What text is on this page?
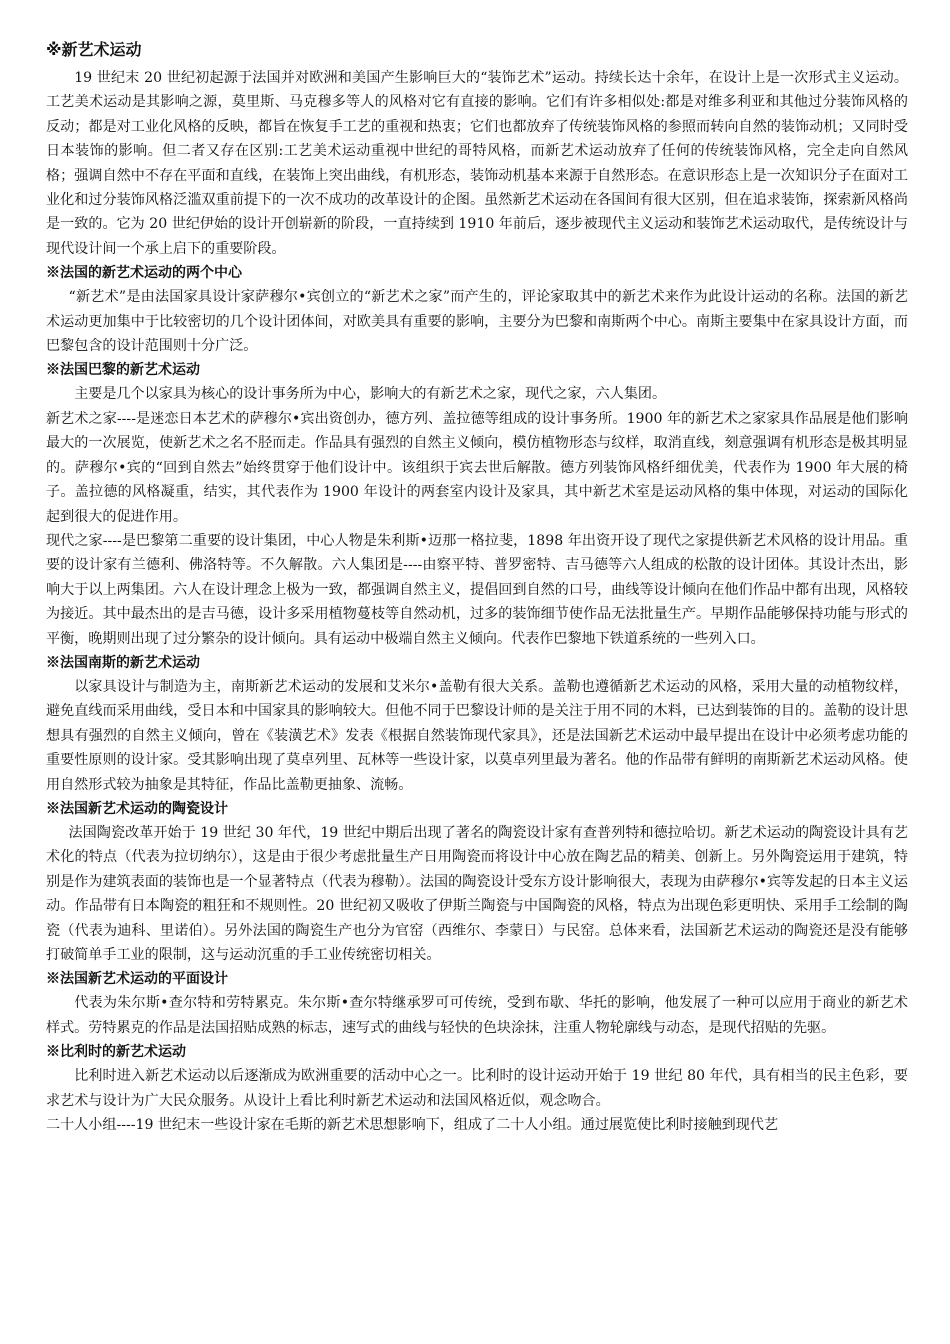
※新艺术运动

19 世纪末 20 世纪初起源于法国并对欧洲和美国产生影响巨大的“装饰艺术”运动。持续长达十余年，在设计上是一次形式主义运动。工艺美术运动是其影响之源，莫里斯、马克穆多等人的风格对它有直接的影响。它们有许多相似处:都是对维多利亚和其他过分装饰风格的反动；都是对工业化风格的反映，都旨在恢复手工艺的重视和热衷；它们也都放弃了传统装饰风格的参照而转向自然的装饰动机；又同时受日本装饰的影响。但二者又存在区别:工艺美术运动重视中世纪的哥特风格，而新艺术运动放弃了任何的传统装饰风格，完全走向自然风格；强调自然中不存在平面和直线，在装饰上突出曲线，有机形态，装饰动机基本来源于自然形态。在意识形态上是一次知识分子在面对工业化和过分装饰风格泛滥双重前提下的一次不成功的改革设计的企图。虽然新艺术运动在各国间有很大区别，但在追求装饰，探索新风格尚是一致的。它为 20 世纪伊始的设计开创崭新的阶段，一直持续到 1910 年前后，逐步被现代主义运动和装饰艺术运动取代，是传统设计与现代设计间一个承上启下的重要阶段。

※法国的新艺术运动的两个中心

“新艺术”是由法国家具设计家萨穆尔•宾创立的“新艺术之家”而产生的，评论家取其中的新艺术来作为此设计运动的名称。法国的新艺术运动更加集中于比较密切的几个设计团体间，对欧美具有重要的影响，主要分为巴黎和南斯两个中心。南斯主要集中在家具设计方面，而巴黎包含的设计范围则十分广泛。

※法国巴黎的新艺术运动

主要是几个以家具为核心的设计事务所为中心，影响大的有新艺术之家，现代之家，六人集团。

新艺术之家----是迷恋日本艺术的萨穆尔•宾出资创办，德方列、盖拉德等组成的设计事务所。1900 年的新艺术之家家具作品展是他们影响最大的一次展览，使新艺术之名不胫而走。作品具有强烈的自然主义倾向，模仿植物形态与纹样，取消直线，刻意强调有机形态是极其明显的。萨穆尔•宾的“回到自然去”始终贯穿于他们设计中。该组织于宾去世后解散。德方列装饰风格纤细优美，代表作为 1900 年大展的椅子。盖拉德的风格凝重，结实，其代表作为 1900 年设计的两套室内设计及家具，其中新艺术室是运动风格的集中体现，对运动的国际化起到很大的促进作用。

现代之家----是巴黎第二重要的设计集团，中心人物是朱利斯•迈那一格拉斐，1898 年出资开设了现代之家提供新艺术风格的设计用品。重要的设计家有兰德利、佛洛特等。不久解散。六人集团是----由察平特、普罗密特、吉马德等六人组成的松散的设计团体。其设计杰出，影响大于以上两集团。六人在设计理念上极为一致，都强调自然主义，提倡回到自然的口号，曲线等设计倾向在他们作品中都有出现，风格较为接近。其中最杰出的是吉马德，设计多采用植物蔓枝等自然动机，过多的装饰细节使作品无法批量生产。早期作品能够保持功能与形式的平衡，晚期则出现了过分繁杂的设计倾向。具有运动中极端自然主义倾向。代表作巴黎地下铁道系统的一些列入口。

※法国南斯的新艺术运动

以家具设计与制造为主，南斯新艺术运动的发展和艾米尔•盖勒有很大关系。盖勒也遵循新艺术运动的风格，采用大量的动植物纹样，避免直线而采用曲线，受日本和中国家具的影响较大。但他不同于巴黎设计师的是关注于用不同的木料，已达到装饰的目的。盖勒的设计思想具有强烈的自然主义倾向，曾在《装潢艺术》发表《根据自然装饰现代家具》，还是法国新艺术运动中最早提出在设计中必须考虑功能的重要性原则的设计家。受其影响出现了莫卓列里、瓦林等一些设计家，以莫卓列里最为著名。他的作品带有鲜明的南斯新艺术运动风格。使用自然形式较为抽象是其特征，作品比盖勒更抽象、流畅。

※法国新艺术运动的陶瓷设计

法国陶瓷改革开始于 19 世纪 30 年代，19 世纪中期后出现了著名的陶瓷设计家有查普列特和德拉哈切。新艺术运动的陶瓷设计具有艺术化的特点（代表为拉切纳尔），这是由于很少考虑批量生产日用陶瓷而将设计中心放在陶艺品的精美、创新上。另外陶瓷运用于建筑，特别是作为建筑表面的装饰也是一个显著特点（代表为穆勒）。法国的陶瓷设计受东方设计影响很大，表现为由萨穆尔•宾等发起的日本主义运动。作品带有日本陶瓷的粗狂和不规则性。20 世纪初又吸收了伊斯兰陶瓷与中国陶瓷的风格，特点为出现色彩更明快、采用手工绘制的陶瓷（代表为迪科、里诺伯）。另外法国的陶瓷生产也分为官窑（西维尔、李蒙日）与民窑。总体来看，法国新艺术运动的陶瓷还是没有能够打破简单手工业的限制，这与运动沉重的手工业传统密切相关。

※法国新艺术运动的平面设计

代表为朱尔斯•查尔特和劳特累克。朱尔斯•查尔特继承罗可可传统，受到布歇、华托的影响，他发展了一种可以应用于商业的新艺术样式。劳特累克的作品是法国招贴成熟的标志，速写式的曲线与轻快的色块涂抹，注重人物轮廓线与动态，是现代招贴的先驱。

※比利时的新艺术运动

比利时进入新艺术运动以后逐渐成为欧洲重要的活动中心之一。比利时的设计运动开始于 19 世纪 80 年代，具有相当的民主色彩，要求艺术与设计为广大民众服务。从设计上看比利时新艺术运动和法国风格近似，观念吻合。

二十人小组----19 世纪末一些设计家在毛斯的新艺术思想影响下，组成了二十人小组。通过展览使比利时接触到现代艺
